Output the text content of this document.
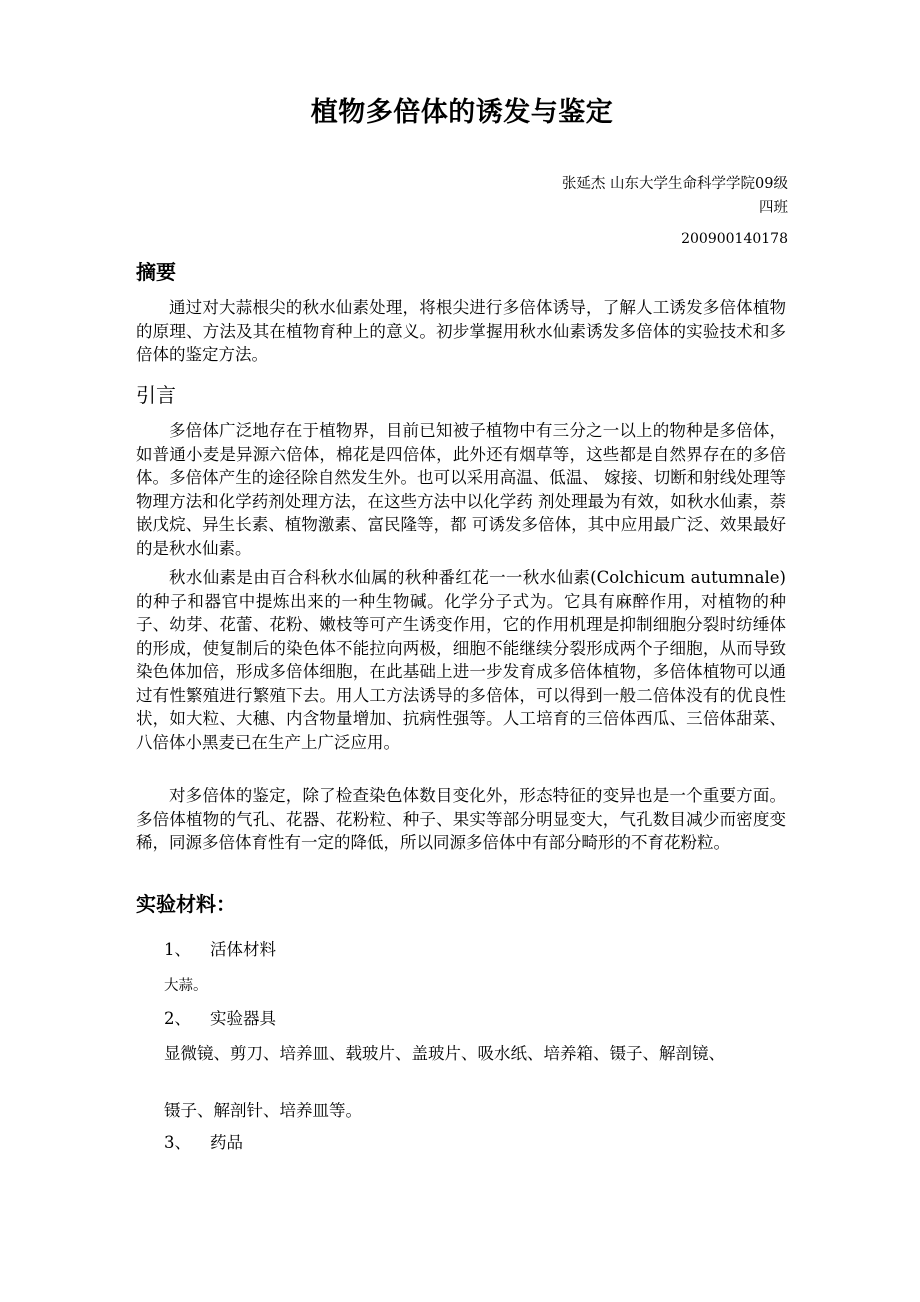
植物多倍体的诱发与鉴定
张延杰 山东大学生命科学学院09级
四班
200900140178
摘要
通过对大蒜根尖的秋水仙素处理，将根尖进行多倍体诱导，了解人工诱发多倍体植物的原理、方法及其在植物育种上的意义。初步掌握用秋水仙素诱发多倍体的实验技术和多倍体的鉴定方法。
引言
多倍体广泛地存在于植物界，目前已知被子植物中有三分之一以上的物种是多倍体，如普通小麦是异源六倍体，棉花是四倍体，此外还有烟草等，这些都是自然界存在的多倍体。多倍体产生的途径除自然发生外。也可以采用高温、低温、 嫁接、切断和射线处理等物理方法和化学药剂处理方法，在这些方法中以化学药 剂处理最为有效，如秋水仙素，萘嵌戊烷、异生长素、植物激素、富民隆等，都 可诱发多倍体，其中应用最广泛、效果最好的是秋水仙素。
秋水仙素是由百合科秋水仙属的秋种番红花一一秋水仙素(Colchicum autumnale)的种子和器官中提炼出来的一种生物碱。化学分子式为。它具有麻醉作用，对植物的种子、幼芽、花蕾、花粉、嫩枝等可产生诱变作用，它的作用机理是抑制细胞分裂时纺缍体的形成，使复制后的染色体不能拉向两极，细胞不能继续分裂形成两个子细胞，从而导致染色体加倍，形成多倍体细胞，在此基础上进一步发育成多倍体植物，多倍体植物可以通过有性繁殖进行繁殖下去。用人工方法诱导的多倍体，可以得到一般二倍体没有的优良性状，如大粒、大穗、内含物量增加、抗病性强等。人工培育的三倍体西瓜、三倍体甜菜、八倍体小黑麦已在生产上广泛应用。
对多倍体的鉴定，除了检查染色体数目变化外，形态特征的变异也是一个重要方面。多倍体植物的气孔、花器、花粉粒、种子、果实等部分明显变大，气孔数目减少而密度变稀，同源多倍体育性有一定的降低，所以同源多倍体中有部分畸形的不育花粉粒。
实验材料：
1、 活体材料
大蒜。
2、 实验器具
显微镜、剪刀、培养皿、载玻片、盖玻片、吸水纸、培养箱、镊子、解剖镜、
镊子、解剖针、培养皿等。
3、 药品
